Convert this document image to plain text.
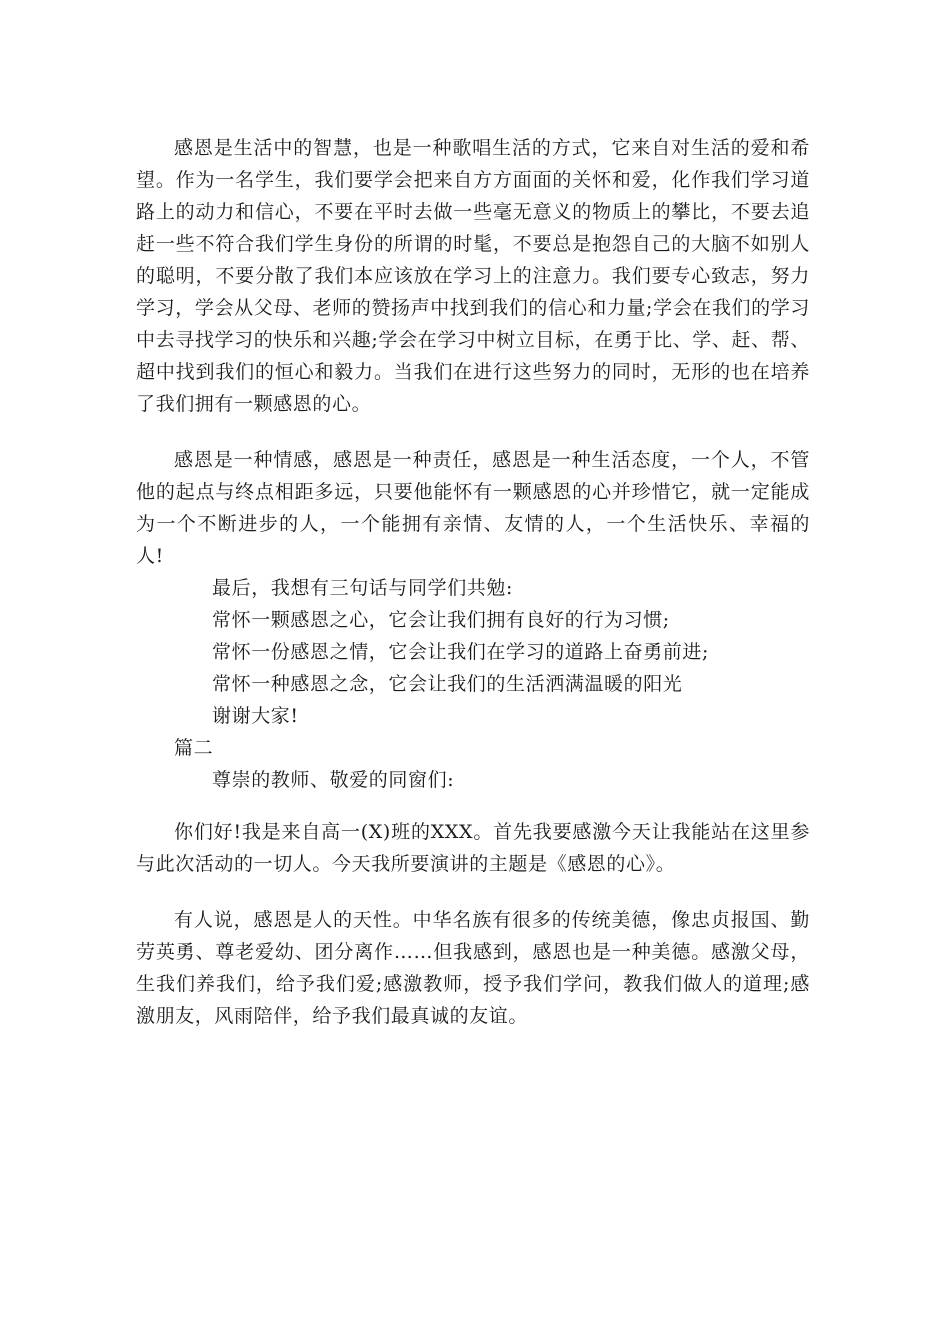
感恩是生活中的智慧，也是一种歌唱生活的方式，它来自对生活的爱和希望。作为一名学生，我们要学会把来自方方面面的关怀和爱，化作我们学习道路上的动力和信心，不要在平时去做一些毫无意义的物质上的攀比，不要去追赶一些不符合我们学生身份的所谓的时髦，不要总是抱怨自己的大脑不如别人的聪明，不要分散了我们本应该放在学习上的注意力。我们要专心致志，努力学习，学会从父母、老师的赞扬声中找到我们的信心和力量;学会在我们的学习中去寻找学习的快乐和兴趣;学会在学习中树立目标，在勇于比、学、赶、帮、超中找到我们的恒心和毅力。当我们在进行这些努力的同时，无形的也在培养了我们拥有一颗感恩的心。

感恩是一种情感，感恩是一种责任，感恩是一种生活态度，一个人，不管他的起点与终点相距多远，只要他能怀有一颗感恩的心并珍惜它，就一定能成为一个不断进步的人，一个能拥有亲情、友情的人，一个生活快乐、幸福的人!

最后，我想有三句话与同学们共勉:

常怀一颗感恩之心，它会让我们拥有良好的行为习惯;

常怀一份感恩之情，它会让我们在学习的道路上奋勇前进;

常怀一种感恩之念，它会让我们的生活洒满温暖的阳光

谢谢大家!

篇二

尊崇的教师、敬爱的同窗们:

你们好!我是来自高一(X)班的XXX。首先我要感激今天让我能站在这里参与此次活动的一切人。今天我所要演讲的主题是《感恩的心》。

有人说，感恩是人的天性。中华名族有很多的传统美德，像忠贞报国、勤劳英勇、尊老爱幼、团分离作……但我感到，感恩也是一种美德。感激父母，生我们养我们，给予我们爱;感激教师，授予我们学问，教我们做人的道理;感激朋友，风雨陪伴，给予我们最真诚的友谊。
